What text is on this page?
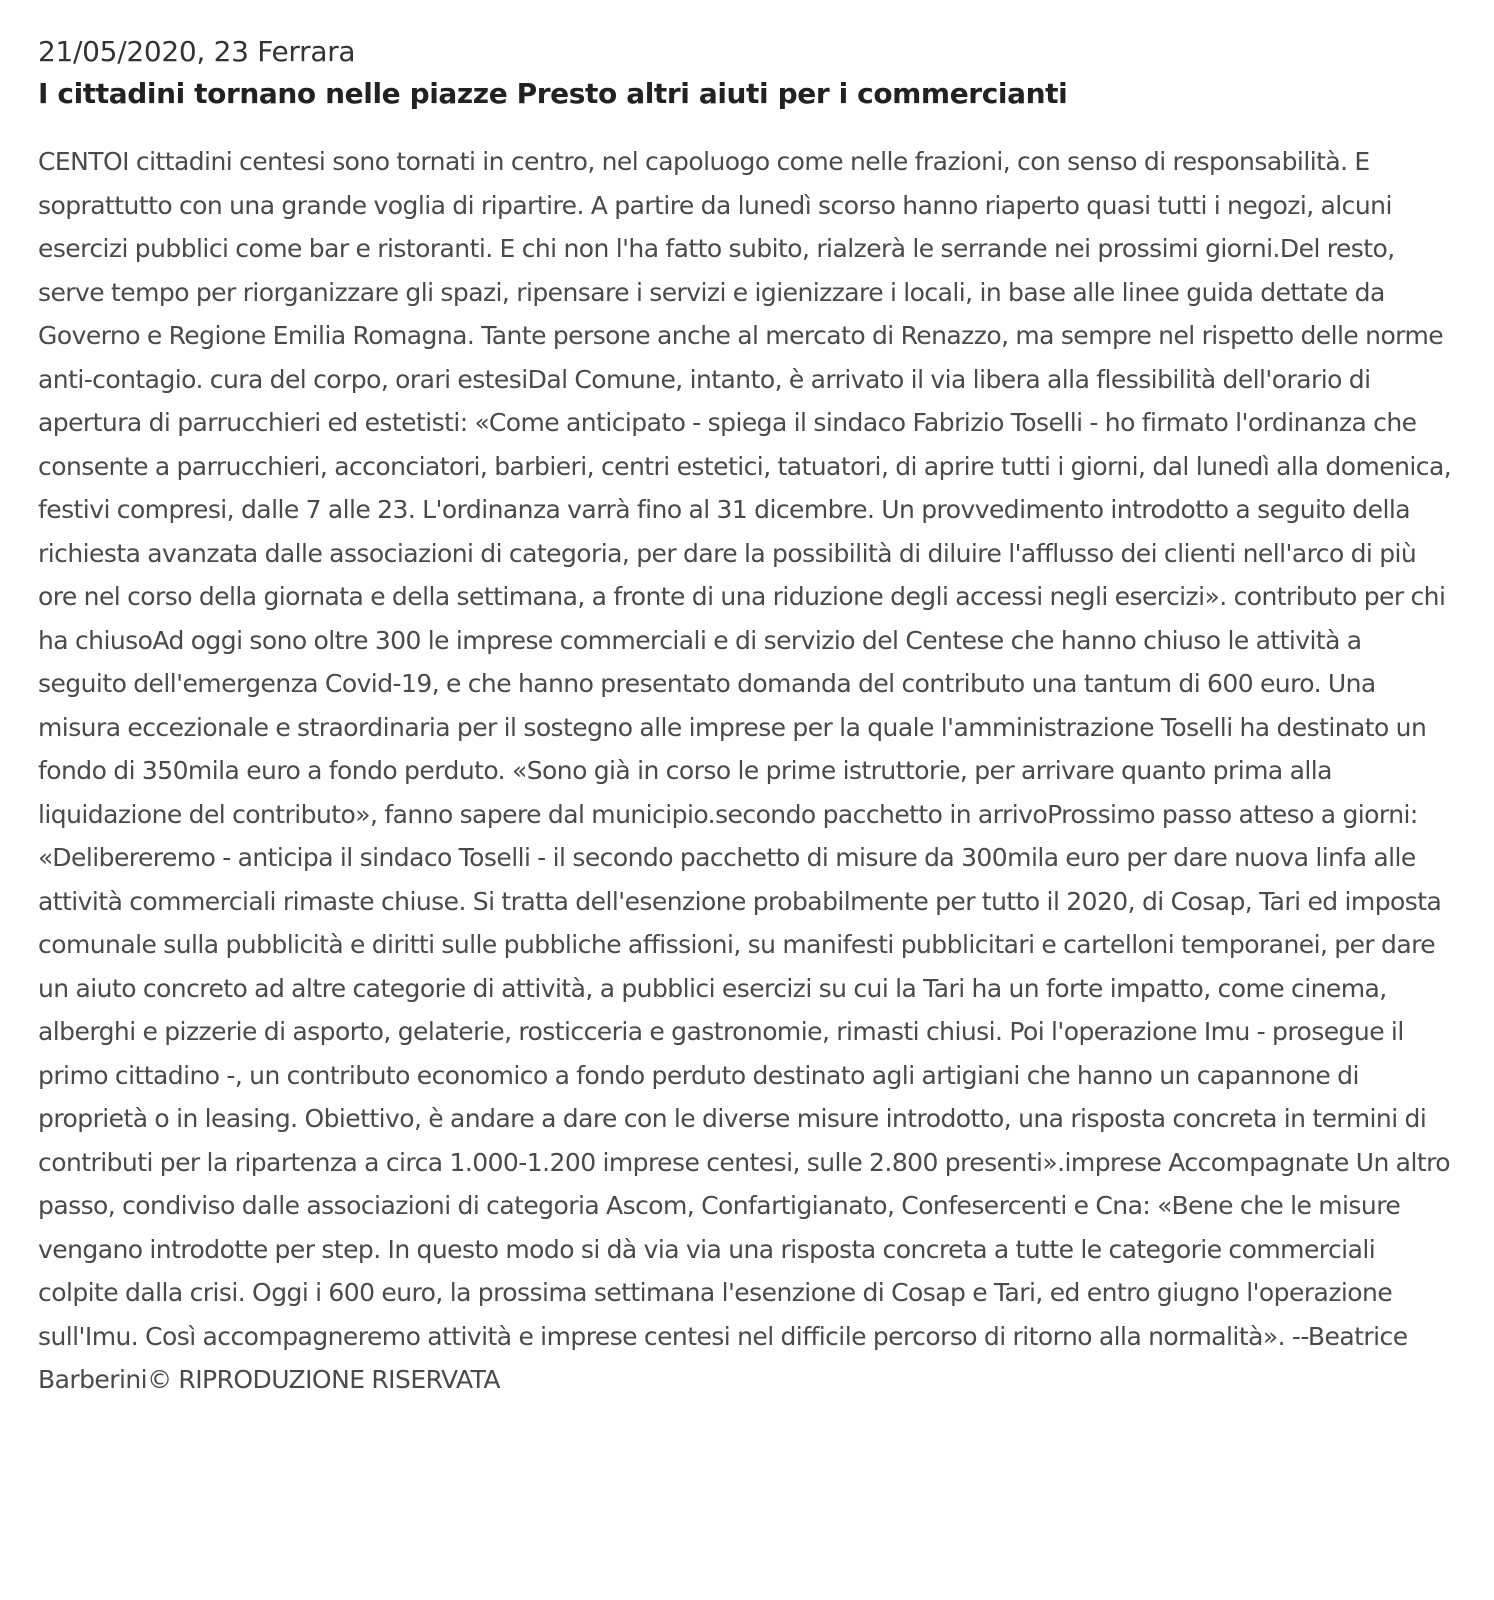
21/05/2020, 23 Ferrara

I cittadini tornano nelle piazze Presto altri aiuti per i commercianti

CENTOI cittadini centesi sono tornati in centro, nel capoluogo come nelle frazioni, con senso di responsabilità. E soprattutto con una grande voglia di ripartire. A partire da lunedì scorso hanno riaperto quasi tutti i negozi, alcuni esercizi pubblici come bar e ristoranti. E chi non l'ha fatto subito, rialzerà le serrande nei prossimi giorni.Del resto, serve tempo per riorganizzare gli spazi, ripensare i servizi e igienizzare i locali, in base alle linee guida dettate da Governo e Regione Emilia Romagna. Tante persone anche al mercato di Renazzo, ma sempre nel rispetto delle norme anti-contagio. cura del corpo, orari estesiDal Comune, intanto, è arrivato il via libera alla flessibilità dell'orario di apertura di parrucchieri ed estetisti: «Come anticipato - spiega il sindaco Fabrizio Toselli - ho firmato l'ordinanza che consente a parrucchieri, acconciatori, barbieri, centri estetici, tatuatori, di aprire tutti i giorni, dal lunedì alla domenica, festivi compresi, dalle 7 alle 23. L'ordinanza varrà fino al 31 dicembre. Un provvedimento introdotto a seguito della richiesta avanzata dalle associazioni di categoria, per dare la possibilità di diluire l'afflusso dei clienti nell'arco di più ore nel corso della giornata e della settimana, a fronte di una riduzione degli accessi negli esercizi». contributo per chi ha chiusoAd oggi sono oltre 300 le imprese commerciali e di servizio del Centese che hanno chiuso le attività a seguito dell'emergenza Covid-19, e che hanno presentato domanda del contributo una tantum di 600 euro. Una misura eccezionale e straordinaria per il sostegno alle imprese per la quale l'amministrazione Toselli ha destinato un fondo di 350mila euro a fondo perduto. «Sono già in corso le prime istruttorie, per arrivare quanto prima alla liquidazione del contributo», fanno sapere dal municipio.secondo pacchetto in arrivoProssimo passo atteso a giorni: «Delibereremo - anticipa il sindaco Toselli - il secondo pacchetto di misure da 300mila euro per dare nuova linfa alle attività commerciali rimaste chiuse. Si tratta dell'esenzione probabilmente per tutto il 2020, di Cosap, Tari ed imposta comunale sulla pubblicità e diritti sulle pubbliche affissioni, su manifesti pubblicitari e cartelloni temporanei, per dare un aiuto concreto ad altre categorie di attività, a pubblici esercizi su cui la Tari ha un forte impatto, come cinema, alberghi e pizzerie di asporto, gelaterie, rosticceria e gastronomie, rimasti chiusi. Poi l'operazione Imu - prosegue il primo cittadino -, un contributo economico a fondo perduto destinato agli artigiani che hanno un capannone di proprietà o in leasing. Obiettivo, è andare a dare con le diverse misure introdotto, una risposta concreta in termini di contributi per la ripartenza a circa 1.000-1.200 imprese centesi, sulle 2.800 presenti».imprese Accompagnate Un altro passo, condiviso dalle associazioni di categoria Ascom, Confartigianato, Confesercenti e Cna: «Bene che le misure vengano introdotte per step. In questo modo si dà via via una risposta concreta a tutte le categorie commerciali colpite dalla crisi. Oggi i 600 euro, la prossima settimana l'esenzione di Cosap e Tari, ed entro giugno l'operazione sull'Imu. Così accompagneremo attività e imprese centesi nel difficile percorso di ritorno alla normalità». --Beatrice Barberini© RIPRODUZIONE RISERVATA
